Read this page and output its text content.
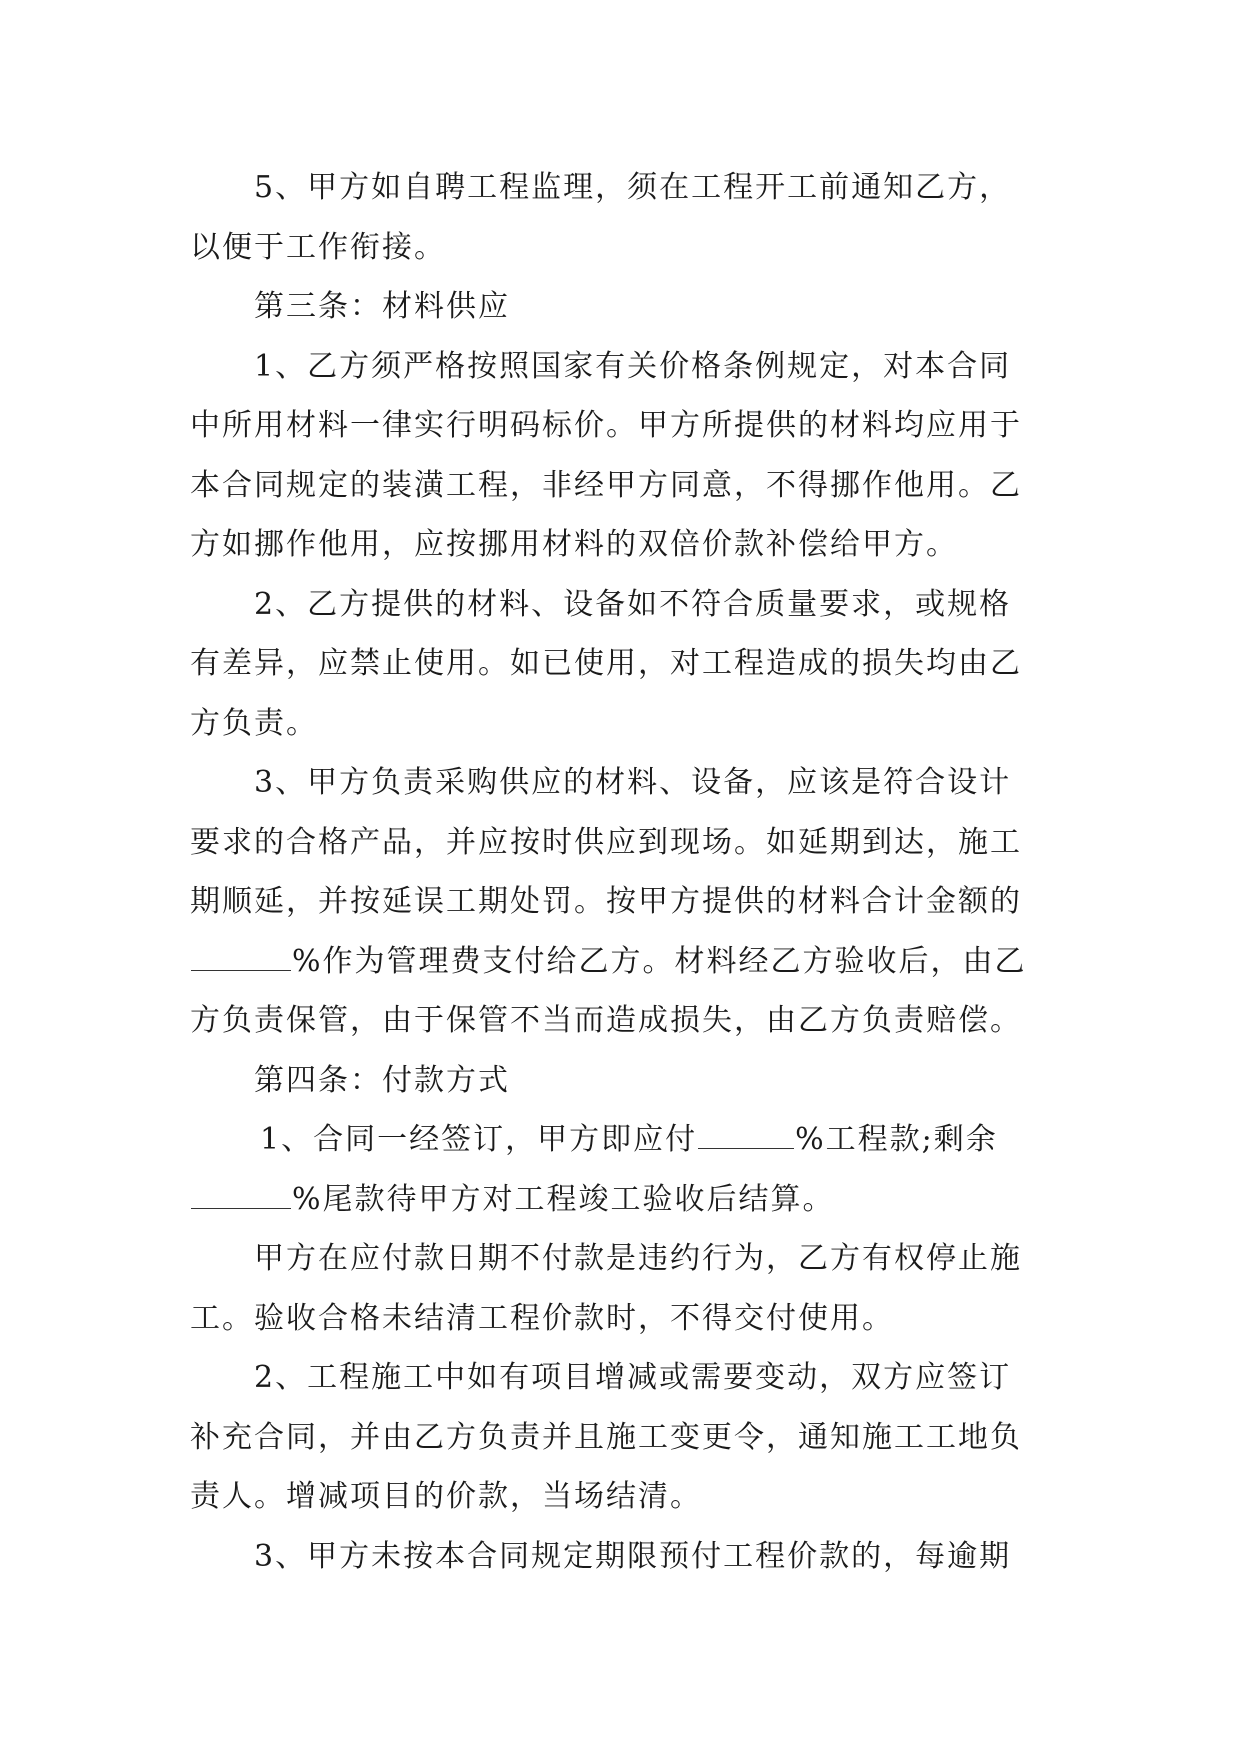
5、甲方如自聘工程监理，须在工程开工前通知乙方，
以便于工作衔接。

第三条：材料供应

1、乙方须严格按照国家有关价格条例规定，对本合同
中所用材料一律实行明码标价。甲方所提供的材料均应用于
本合同规定的装潢工程，非经甲方同意，不得挪作他用。乙
方如挪作他用，应按挪用材料的双倍价款补偿给甲方。

2、乙方提供的材料、设备如不符合质量要求，或规格
有差异，应禁止使用。如已使用，对工程造成的损失均由乙
方负责。

3、甲方负责采购供应的材料、设备，应该是符合设计
要求的合格产品，并应按时供应到现场。如延期到达，施工
期顺延，并按延误工期处罚。按甲方提供的材料合计金额的
%作为管理费支付给乙方。材料经乙方验收后，由乙
方负责保管，由于保管不当而造成损失，由乙方负责赔偿。

第四条：付款方式

1、合同一经签订，甲方即应付	%工程款;剩余
%尾款待甲方对工程竣工验收后结算。

甲方在应付款日期不付款是违约行为，乙方有权停止施
工。验收合格未结清工程价款时，不得交付使用。

2、工程施工中如有项目增减或需要变动，双方应签订
补充合同，并由乙方负责并且施工变更令，通知施工工地负
责人。增减项目的价款，当场结清。

3、甲方未按本合同规定期限预付工程价款的，每逾期
